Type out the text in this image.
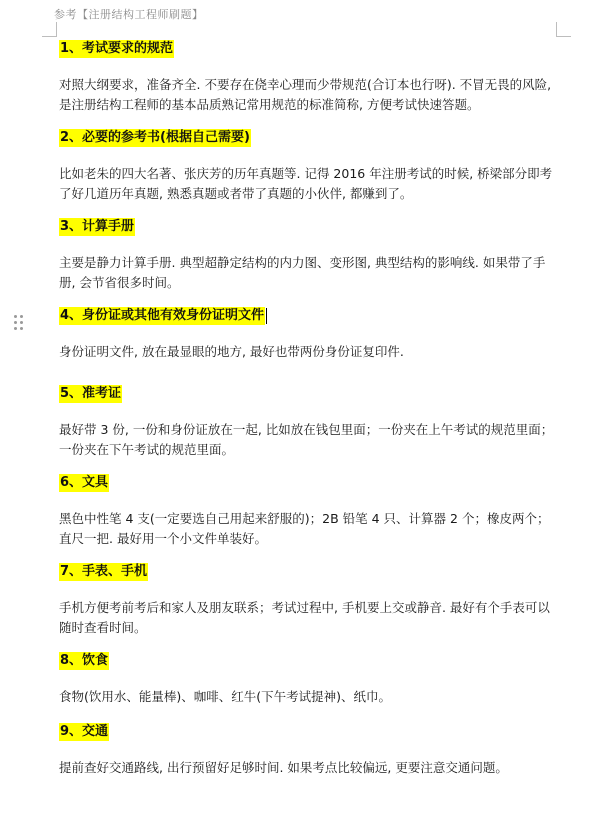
参考【注册结构工程师刷题】
1、考试要求的规范

对照大纲要求，准备齐全. 不要存在侥幸心理而少带规范(合订本也行呀). 不冒无畏的风险, 是注册结构工程师的基本品质熟记常用规范的标准简称, 方便考试快速答题。

2、必要的参考书(根据自己需要)

比如老朱的四大名著、张庆芳的历年真题等. 记得 2016 年注册考试的时候, 桥梁部分即考了好几道历年真题, 熟悉真题或者带了真题的小伙伴, 都赚到了。

3、计算手册

主要是静力计算手册. 典型超静定结构的内力图、变形图, 典型结构的影响线. 如果带了手册, 会节省很多时间。

4、身份证或其他有效身份证明文件

身份证明文件, 放在最显眼的地方, 最好也带两份身份证复印件.

5、准考证

最好带 3 份, 一份和身份证放在一起, 比如放在钱包里面；一份夹在上午考试的规范里面；一份夹在下午考试的规范里面。

6、文具

黑色中性笔 4 支(一定要选自己用起来舒服的)；2B 铅笔 4 只、计算器 2 个；橡皮两个；直尺一把. 最好用一个小文件单装好。

7、手表、手机

手机方便考前考后和家人及朋友联系；考试过程中, 手机要上交或静音. 最好有个手表可以随时查看时间。

8、饮食

食物(饮用水、能量棒)、咖啡、红牛(下午考试提神)、纸巾。

9、交通

提前查好交通路线, 出行预留好足够时间. 如果考点比较偏远, 更要注意交通问题。
